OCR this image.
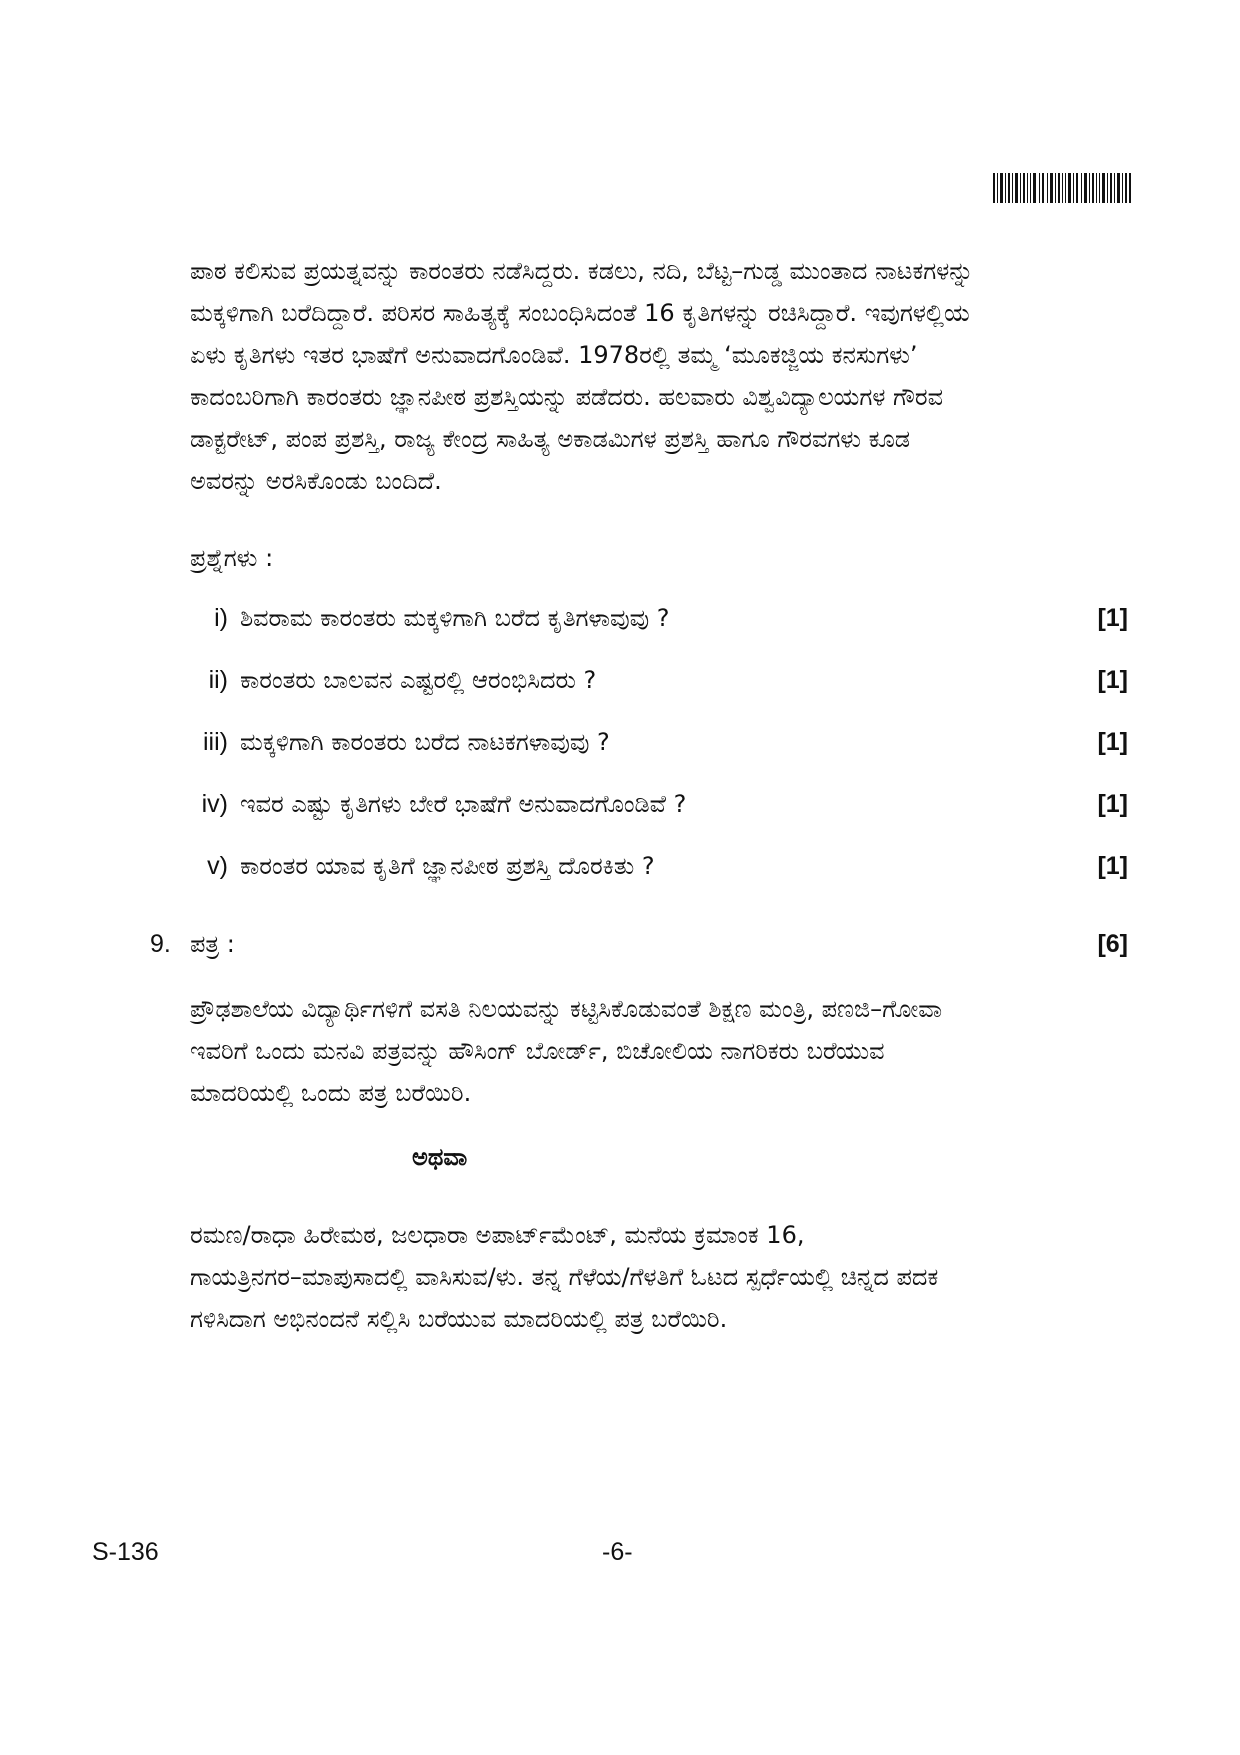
ಪಾಠ ಕಲಿಸುವ ಪ್ರಯತ್ನವನ್ನು ಕಾರಂತರು ನಡೆಸಿದ್ದರು. ಕಡಲು, ನದಿ, ಬೆಟ್ಟ–ಗುಡ್ಡ ಮುಂತಾದ ನಾಟಕಗಳನ್ನು
ಮಕ್ಕಳಿಗಾಗಿ ಬರೆದಿದ್ದಾರೆ. ಪರಿಸರ ಸಾಹಿತ್ಯಕ್ಕೆ ಸಂಬಂಧಿಸಿದಂತೆ 16 ಕೃತಿಗಳನ್ನು ರಚಿಸಿದ್ದಾರೆ. ಇವುಗಳಲ್ಲಿಯ
ಏಳು ಕೃತಿಗಳು ಇತರ ಭಾಷೆಗೆ ಅನುವಾದಗೊಂಡಿವೆ. 1978ರಲ್ಲಿ ತಮ್ಮ ‘ಮೂಕಜ್ಜಿಯ ಕನಸುಗಳು’
ಕಾದಂಬರಿಗಾಗಿ ಕಾರಂತರು ಜ್ಞಾನಪೀಠ ಪ್ರಶಸ್ತಿಯನ್ನು ಪಡೆದರು. ಹಲವಾರು ವಿಶ್ವವಿದ್ಯಾಲಯಗಳ ಗೌರವ
ಡಾಕ್ಟರೇಟ್, ಪಂಪ ಪ್ರಶಸ್ತಿ, ರಾಜ್ಯ ಕೇಂದ್ರ ಸಾಹಿತ್ಯ ಅಕಾಡಮಿಗಳ ಪ್ರಶಸ್ತಿ ಹಾಗೂ ಗೌರವಗಳು ಕೂಡ
ಅವರನ್ನು ಅರಸಿಕೊಂಡು ಬಂದಿದೆ.

ಪ್ರಶ್ನೆಗಳು :

i) ಶಿವರಾಮ ಕಾರಂತರು ಮಕ್ಕಳಿಗಾಗಿ ಬರೆದ ಕೃತಿಗಳಾವುವು ?	[1]
ii) ಕಾರಂತರು ಬಾಲವನ ಎಷ್ಟರಲ್ಲಿ ಆರಂಭಿಸಿದರು ?	[1]
iii) ಮಕ್ಕಳಿಗಾಗಿ ಕಾರಂತರು ಬರೆದ ನಾಟಕಗಳಾವುವು ?	[1]
iv) ಇವರ ಎಷ್ಟು ಕೃತಿಗಳು ಬೇರೆ ಭಾಷೆಗೆ ಅನುವಾದಗೊಂಡಿವೆ ?	[1]
v) ಕಾರಂತರ ಯಾವ ಕೃತಿಗೆ ಜ್ಞಾನಪೀಠ ಪ್ರಶಸ್ತಿ ದೊರಕಿತು ?	[1]
9. ಪತ್ರ :	[6]
ಪ್ರೌಢಶಾಲೆಯ ವಿದ್ಯಾರ್ಥಿಗಳಿಗೆ ವಸತಿ ನಿಲಯವನ್ನು ಕಟ್ಟಿಸಿಕೊಡುವಂತೆ ಶಿಕ್ಷಣ ಮಂತ್ರಿ, ಪಣಜಿ–ಗೋವಾ
ಇವರಿಗೆ ಒಂದು ಮನವಿ ಪತ್ರವನ್ನು ಹೌಸಿಂಗ್ ಬೋರ್ಡ್, ಬಿಚೋಲಿಯ ನಾಗರಿಕರು ಬರೆಯುವ
ಮಾದರಿಯಲ್ಲಿ ಒಂದು ಪತ್ರ ಬರೆಯಿರಿ.
ಅಥವಾ
ರಮಣ/ರಾಧಾ ಹಿರೇಮಠ, ಜಲಧಾರಾ ಅಪಾರ್ಟ್‌ಮೆಂಟ್, ಮನೆಯ ಕ್ರಮಾಂಕ 16,
ಗಾಯತ್ರಿನಗರ–ಮಾಪುಸಾದಲ್ಲಿ ವಾಸಿಸುವ/ಳು. ತನ್ನ ಗೆಳೆಯ/ಗೆಳತಿಗೆ ಓಟದ ಸ್ಪರ್ಧೆಯಲ್ಲಿ ಚಿನ್ನದ ಪದಕ
ಗಳಿಸಿದಾಗ ಅಭಿನಂದನೆ ಸಲ್ಲಿಸಿ ಬರೆಯುವ ಮಾದರಿಯಲ್ಲಿ ಪತ್ರ ಬರೆಯಿರಿ.
S-136	-6-
